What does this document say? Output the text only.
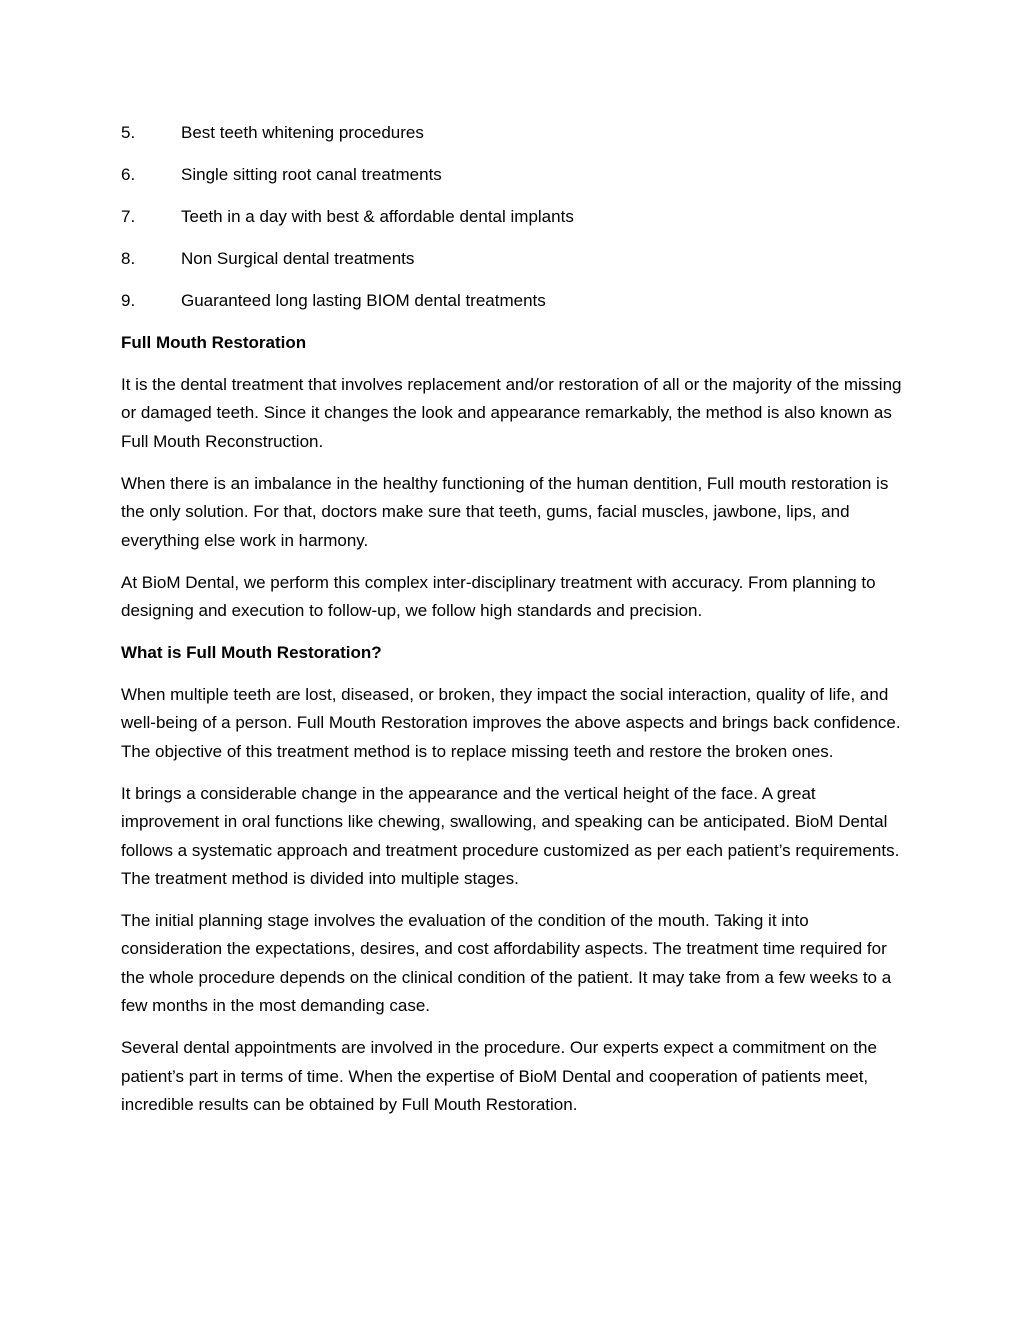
5.	Best teeth whitening procedures
6.	Single sitting root canal treatments
7.	Teeth in a day with best & affordable dental implants
8.	Non Surgical dental treatments
9.	Guaranteed long lasting BIOM dental treatments
Full Mouth Restoration

It is the dental treatment that involves replacement and/or restoration of all or the majority of the missing or damaged teeth. Since it changes the look and appearance remarkably, the method is also known as Full Mouth Reconstruction.

When there is an imbalance in the healthy functioning of the human dentition, Full mouth restoration is the only solution. For that, doctors make sure that teeth, gums, facial muscles, jawbone, lips, and everything else work in harmony.

At BioM Dental, we perform this complex inter-disciplinary treatment with accuracy. From planning to designing and execution to follow-up, we follow high standards and precision.

What is Full Mouth Restoration?

When multiple teeth are lost, diseased, or broken, they impact the social interaction, quality of life, and well-being of a person. Full Mouth Restoration improves the above aspects and brings back confidence. The objective of this treatment method is to replace missing teeth and restore the broken ones.

It brings a considerable change in the appearance and the vertical height of the face. A great improvement in oral functions like chewing, swallowing, and speaking can be anticipated. BioM Dental follows a systematic approach and treatment procedure customized as per each patient’s requirements. The treatment method is divided into multiple stages.

The initial planning stage involves the evaluation of the condition of the mouth. Taking it into consideration the expectations, desires, and cost affordability aspects. The treatment time required for the whole procedure depends on the clinical condition of the patient. It may take from a few weeks to a few months in the most demanding case.

Several dental appointments are involved in the procedure. Our experts expect a commitment on the patient’s part in terms of time. When the expertise of BioM Dental and cooperation of patients meet, incredible results can be obtained by Full Mouth Restoration.
